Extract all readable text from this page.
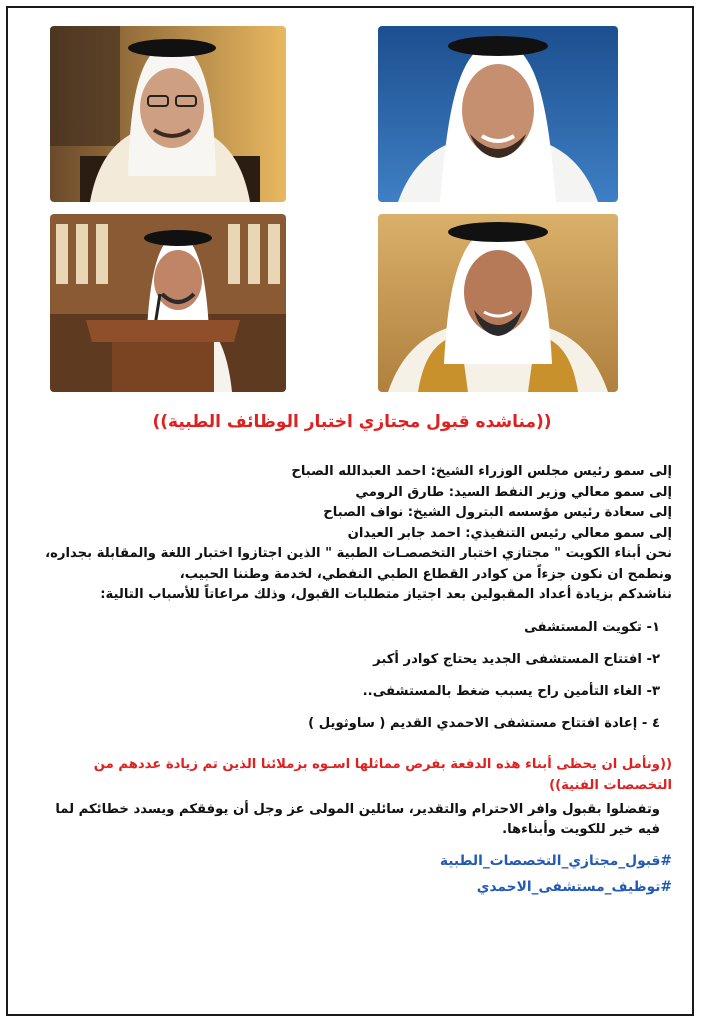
((مناشده قبول مجتازي اختبار الوظائف الطبية))
إلى سمو رئيس مجلس الوزراء الشيخ: احمد العبدالله الصباح
إلى سمو معالي وزير النفط السيد: طارق الرومي
إلى سعادة رئيس مؤسسه البترول الشيخ: نواف الصباح
إلى سمو معالي رئيس التنفيذي: احمد جابر العيدان
نحن أبناء الكويت " مجتازي اختبار التخصصـات الطبية " الذين اجتازوا اختبار اللغة والمقابلة بجداره،
ونطمح ان نكون جزءاً من كوادر القطاع الطبي النفطي، لخدمة وطننا الحبيب،
نناشدكم بزيادة أعداد المقبولين بعد اجتياز متطلبات القبول، وذلك مراعاتاً للأسباب التالية:
١- تكويت المستشفى
٢- افتتاح المستشفى الجديد يحتاج كوادر أكبر
٣- الغاء التأمين راح يسبب ضغط بالمستشفى..
٤ - إعادة افتتاح مستشفى الاحمدي القديم ( ساوثويل )
((ونأمل ان يحظى أبناء هذه الدفعة بفرص مماثلها اسـوه بزملائنا الذين تم زيادة عددهم من التخصصات الفنية))
وتفضلوا بقبول وافر الاحترام والتقدير، سائلين المولى عز وجل أن يوفقكم ويسدد خطائكم لما فيه خير للكويت وأبناءها.
#قبول_مجتازي_التخصصات_الطبية
#توظيف_مستشفى_الاحمدي
